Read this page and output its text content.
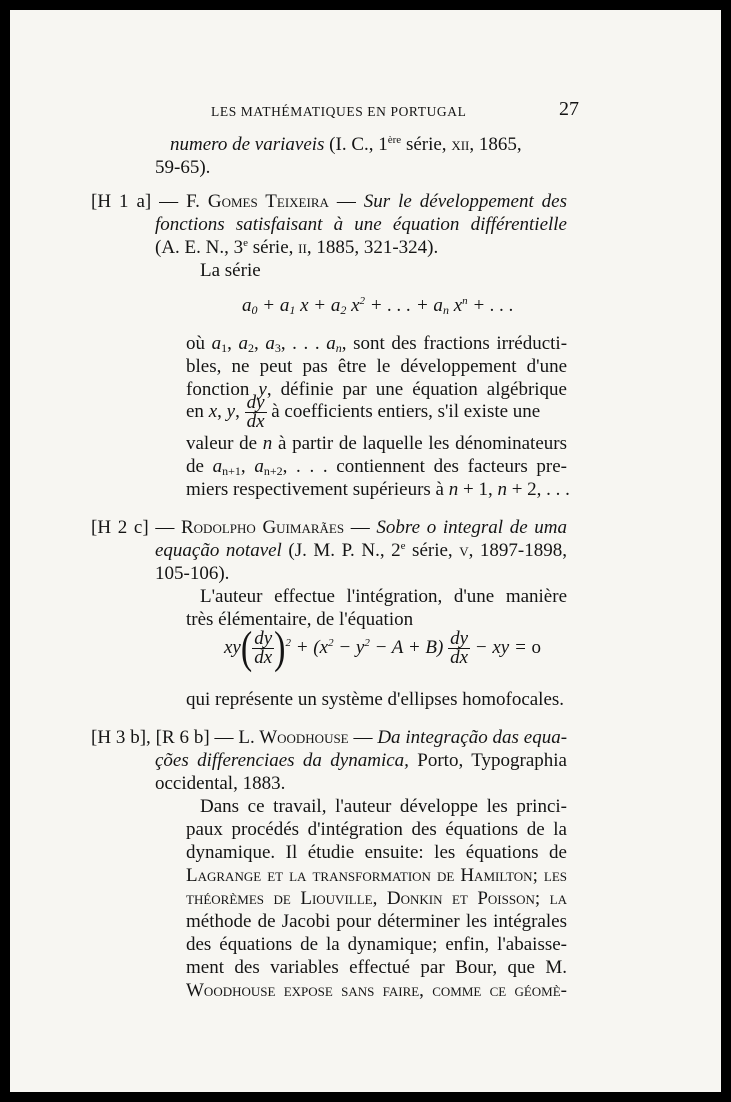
LES MATHÉMATIQUES EN PORTUGAL	27
numero de variaveis (I. C., 1ère série, xii, 1865,
59-65).
[H 1 a] — F. Gomes Teixeira — Sur le développement des
fonctions satisfaisant à une équation différentielle
(A. E. N., 3e série, ii, 1885, 321-324).
La série
$a_0 + a_1$ $x + a_2$ $x^2$ + . . . + $a_n$ $x^n$ + . . .
où $a_1$, $a_2$, $a_3$, . . . $a_n$, sont des fractions irréducti-
bles, ne peut pas être le développement d'une
fonction y, définie par une équation algébrique
en x, y, $\frac{dy}{dx}$ à coefficients entiers, s'il existe une
valeur de n à partir de laquelle les dénominateurs
de $a_{n+1}$, $a_{n+2}$, . . . contiennent des facteurs pre-
miers respectivement supérieurs à n + 1, n + 2, . . .
[H 2 c] — Rodolpho Guimarães — Sobre o integral de uma
equação notavel (J. M. P. N., 2e série, v, 1897-1898,
105-106).
L'auteur effectue l'intégration, d'une manière
très élémentaire, de l'équation
$xy( \frac{dy}{dx} )^2 + (x^2 - y^2 - A + B) \frac{dy}{dx}$ − xy = o
qui représente un système d'ellipses homofocales.
[H 3 b], [R 6 b] — L. Woodhouse — Da integração das equa-
ções differenciaes da dynamica, Porto, Typographia
occidental, 1883.
Dans ce travail, l'auteur développe les princi-
paux procédés d'intégration des équations de la
dynamique. Il étudie ensuite: les équations de
Lagrange et la transformation de Hamilton; les
théorèmes de Liouville, Donkin et Poisson; la
méthode de Jacobi pour déterminer les intégrales
des équations de la dynamique; enfin, l'abaisse-
ment des variables effectué par Bour, que M.
Woodhouse expose sans faire, comme ce géomè-
